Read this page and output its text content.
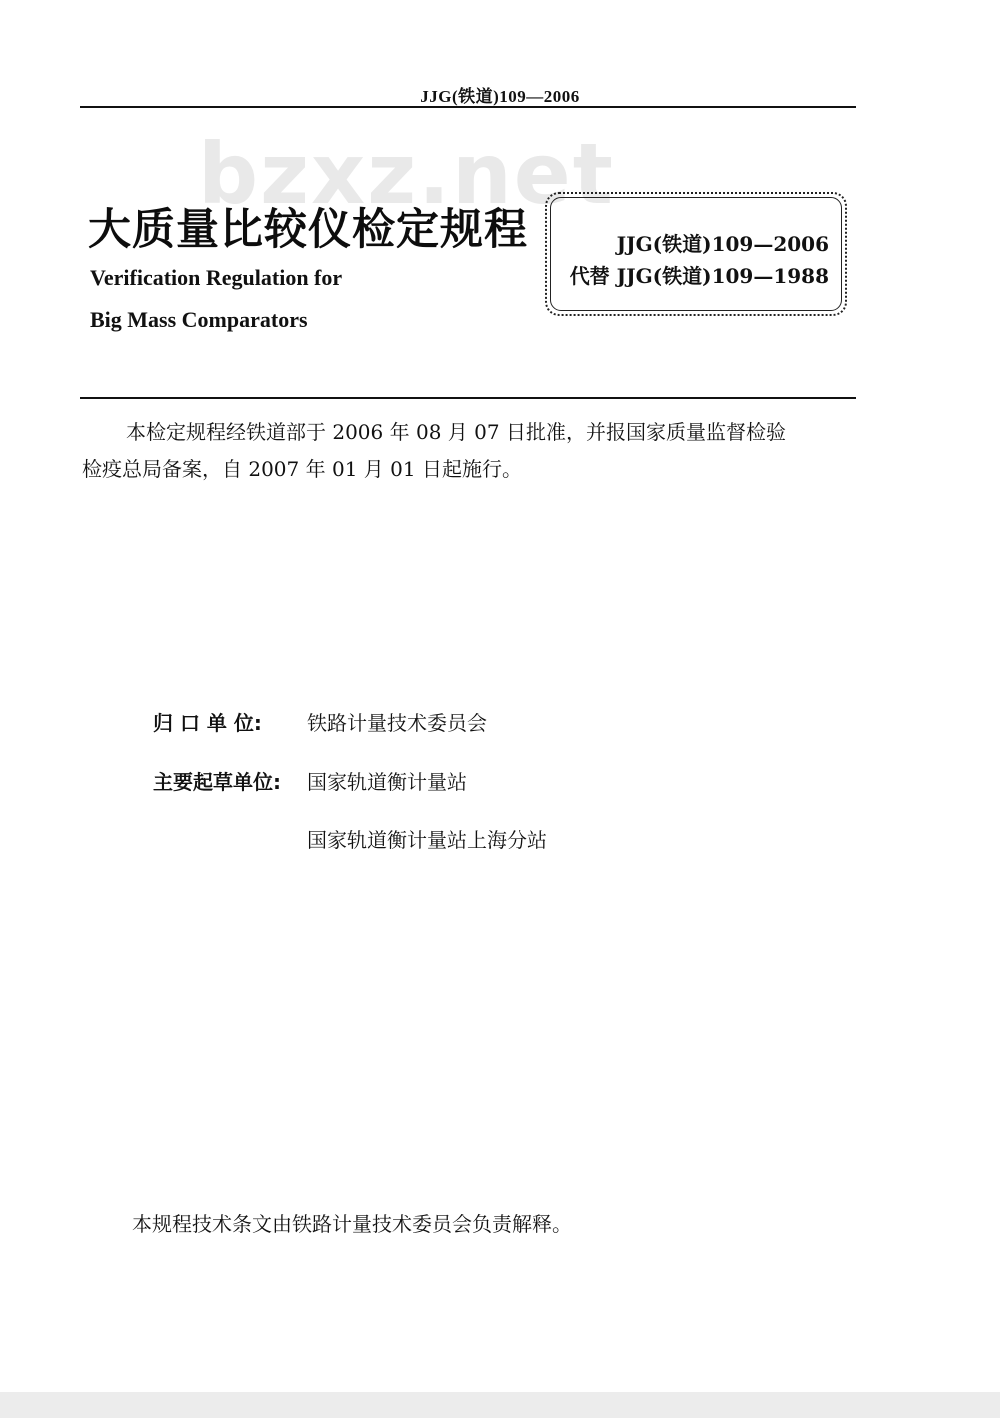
JJG(铁道)109—2006
bzxz.net
大质量比较仪检定规程
Verification Regulation for
Big Mass Comparators
JJG(铁道)109—2006
代替 JJG(铁道)109—1988

本检定规程经铁道部于 2006 年 08 月 07 日批准，并报国家质量监督检验

检疫总局备案，自 2007 年 01 月 01 日起施行。

归 口 单 位: 铁路计量技术委员会
主要起草单位: 国家轨道衡计量站
国家轨道衡计量站上海分站
本规程技术条文由铁路计量技术委员会负责解释。
